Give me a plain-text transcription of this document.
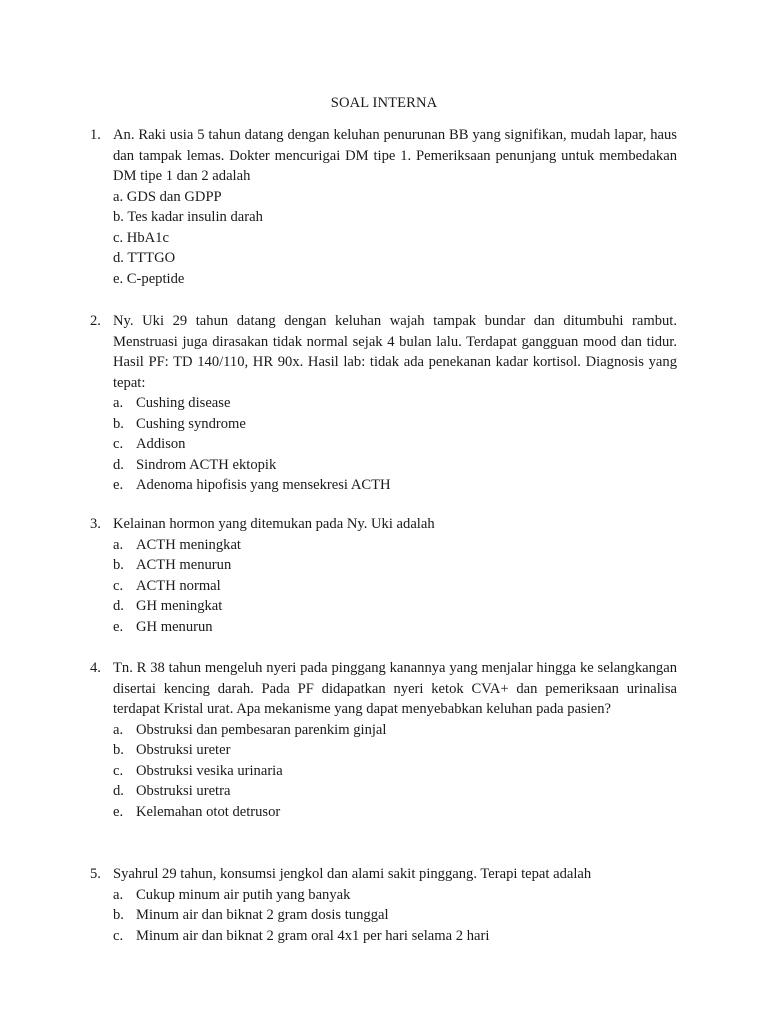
SOAL INTERNA
1. An. Raki usia 5 tahun datang dengan keluhan penurunan BB yang signifikan, mudah lapar, haus dan tampak lemas. Dokter mencurigai DM tipe 1. Pemeriksaan penunjang untuk membedakan DM tipe 1 dan 2 adalah

a. GDS dan GDPP
b. Tes kadar insulin darah
c. HbA1c
d. TTTGO
e. C-peptide
2. Ny. Uki 29 tahun datang dengan keluhan wajah tampak bundar dan ditumbuhi rambut. Menstruasi juga dirasakan tidak normal sejak 4 bulan lalu. Terdapat gangguan mood dan tidur. Hasil PF: TD 140/110, HR 90x. Hasil lab: tidak ada penekanan kadar kortisol. Diagnosis yang tepat:

a. Cushing disease
b. Cushing syndrome
c. Addison
d. Sindrom ACTH ektopik
e. Adenoma hipofisis yang mensekresi ACTH
3. Kelainan hormon yang ditemukan pada Ny. Uki adalah

a. ACTH meningkat
b. ACTH menurun
c. ACTH normal
d. GH meningkat
e. GH menurun
4. Tn. R 38 tahun mengeluh nyeri pada pinggang kanannya yang menjalar hingga ke selangkangan disertai kencing darah. Pada PF didapatkan nyeri ketok CVA+ dan pemeriksaan urinalisa terdapat Kristal urat. Apa mekanisme yang dapat menyebabkan keluhan pada pasien?

a. Obstruksi dan pembesaran parenkim ginjal
b. Obstruksi ureter
c. Obstruksi vesika urinaria
d. Obstruksi uretra
e. Kelemahan otot detrusor
5. Syahrul 29 tahun, konsumsi jengkol dan alami sakit pinggang. Terapi tepat adalah

a. Cukup minum air putih yang banyak
b. Minum air dan biknat 2 gram dosis tunggal
c. Minum air dan biknat 2 gram oral 4x1 per hari selama 2 hari
